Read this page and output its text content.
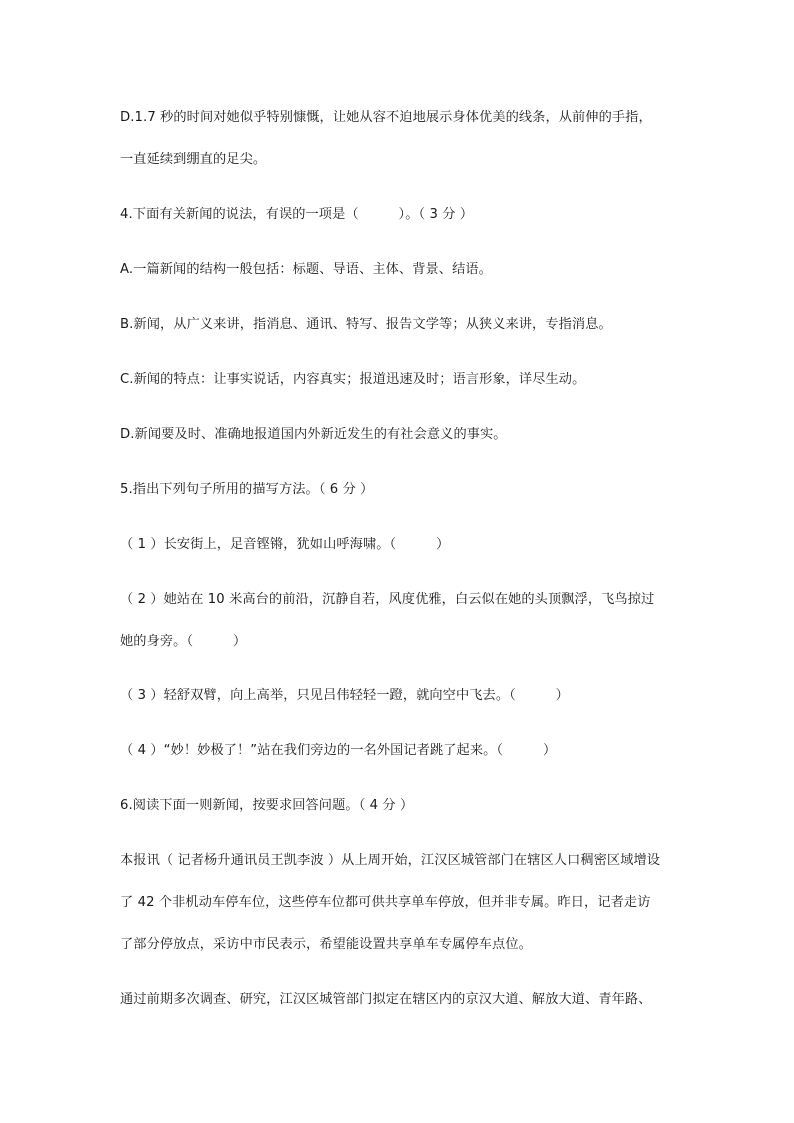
D.1.7 秒的时间对她似乎特别慷慨，让她从容不迫地展示身体优美的线条，从前伸的手指，
一直延续到绷直的足尖。
4.下面有关新闻的说法，有误的一项是（　　　）。（ 3 分 ）
A.一篇新闻的结构一般包括：标题、导语、主体、背景、结语。
B.新闻，从广义来讲，指消息、通讯、特写、报告文学等；从狭义来讲，专指消息。
C.新闻的特点：让事实说话，内容真实；报道迅速及时；语言形象，详尽生动。
D.新闻要及时、准确地报道国内外新近发生的有社会意义的事实。
5.指出下列句子所用的描写方法。（ 6 分 ）
（ 1 ）长安街上，足音铿锵，犹如山呼海啸。（　　　）
（ 2 ）她站在 10 米高台的前沿，沉静自若，风度优雅，白云似在她的头顶飘浮，飞鸟掠过
她的身旁。（　　　）
（ 3 ）轻舒双臂，向上高举，只见吕伟轻轻一蹬，就向空中飞去。（　　　）
（ 4 ）“妙！妙极了！”站在我们旁边的一名外国记者跳了起来。（　　　）
6.阅读下面一则新闻，按要求回答问题。（ 4 分 ）
本报讯（ 记者杨升通讯员王凯李波 ）从上周开始，江汉区城管部门在辖区人口稠密区域增设
了 42 个非机动车停车位，这些停车位都可供共享单车停放，但并非专属。昨日，记者走访
了部分停放点，采访中市民表示，希望能设置共享单车专属停车点位。
通过前期多次调查、研究，江汉区城管部门拟定在辖区内的京汉大道、解放大道、青年路、
